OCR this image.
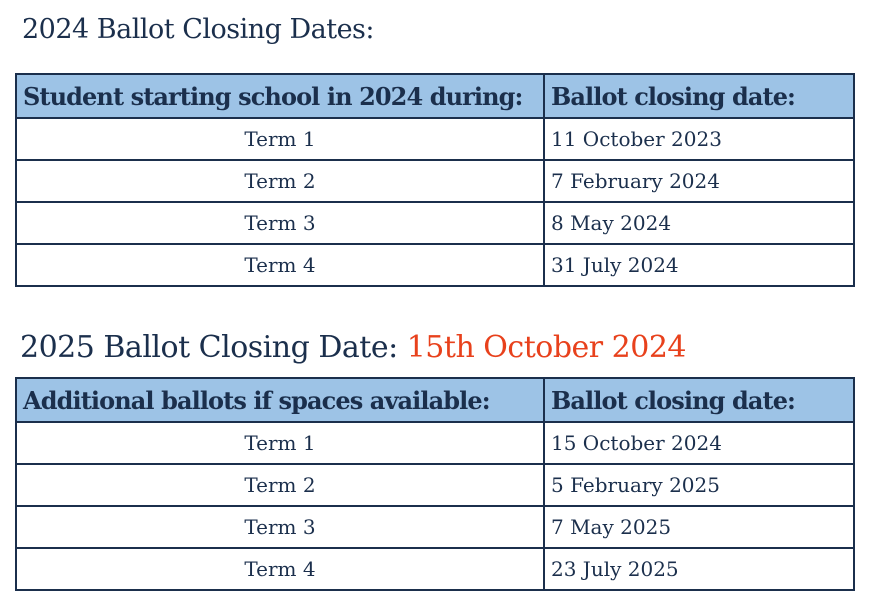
2024 Ballot Closing Dates:
Student starting school in 2024 during:	Ballot closing date:
Term 1	11 October 2023
Term 2	7 February 2024
Term 3	8 May 2024
Term 4	31 July 2024
2025 Ballot Closing Date: 15th October 2024
Additional ballots if spaces available:	Ballot closing date:
Term 1	15 October 2024
Term 2	5 February 2025
Term 3	7 May 2025
Term 4	23 July 2025
